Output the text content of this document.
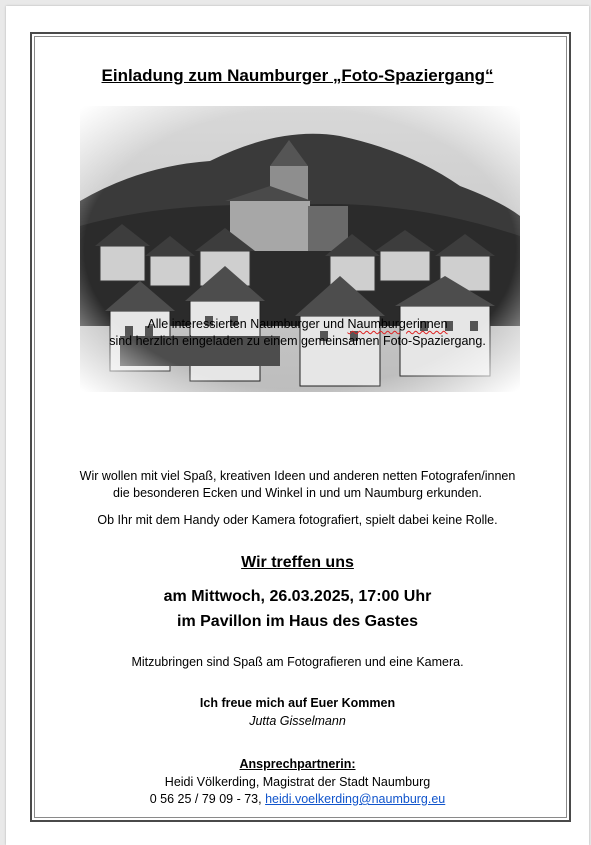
Einladung zum Naumburger „Foto-Spaziergang“
Alle interessierten Naumburger und Naumburgerinnen
sind herzlich eingeladen zu einem gemeinsamen Foto-Spaziergang.
Wir wollen mit viel Spaß, kreativen Ideen und anderen netten Fotografen/innen
die besonderen Ecken und Winkel in und um Naumburg erkunden.
Ob Ihr mit dem Handy oder Kamera fotografiert, spielt dabei keine Rolle.
Wir treffen uns
am Mittwoch, 26.03.2025, 17:00 Uhr
im Pavillon im Haus des Gastes
Mitzubringen sind Spaß am Fotografieren und eine Kamera.
Ich freue mich auf Euer Kommen
Jutta Gisselmann
Ansprechpartnerin:
Heidi Völkerding, Magistrat der Stadt Naumburg
0 56 25 / 79 09 - 73, heidi.voelkerding@naumburg.eu
